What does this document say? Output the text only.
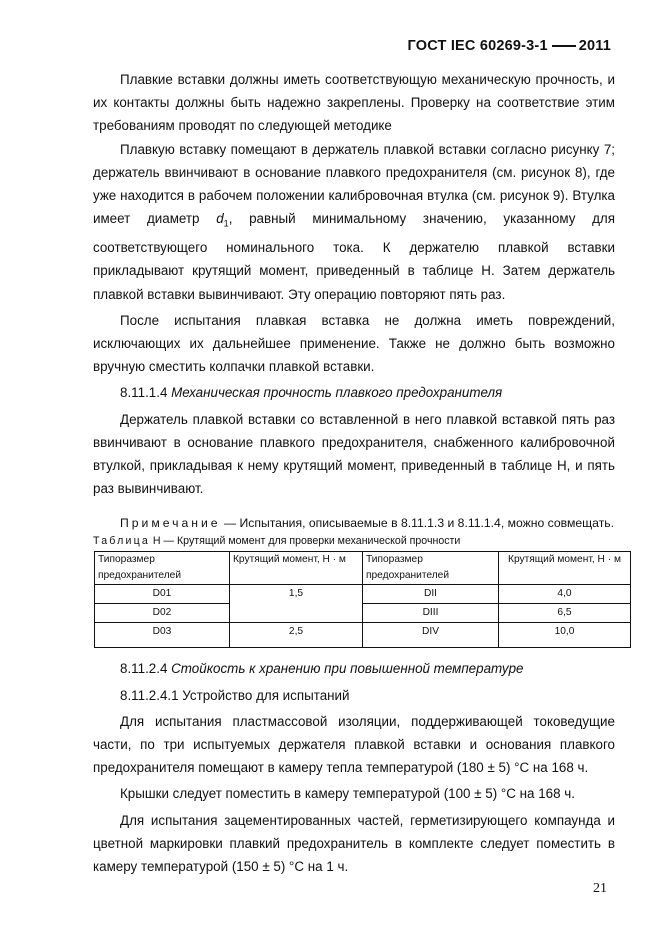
ГОСТ IEC 60269-3-1 2011

Плавкие вставки должны иметь соответствующую механическую прочность, и их контакты должны быть надежно закреплены. Проверку на соответствие этим требованиям проводят по следующей методике

Плавкую вставку помещают в держатель плавкой вставки согласно рисунку 7; держатель ввинчивают в основание плавкого предохранителя (см. рисунок 8), где уже находится в рабочем положении калибровочная втулка (см. рисунок 9). Втулка имеет диаметр $d_1$, равный минимальному значению, указанному для соответствующего номинального тока. К держателю плавкой вставки прикладывают крутящий момент, приведенный в таблице Н. Затем держатель плавкой вставки вывинчивают. Эту операцию повторяют пять раз.

После испытания плавкая вставка не должна иметь повреждений, исключающих их дальнейшее применение. Также не должно быть возможно вручную сместить колпачки плавкой вставки.

8.11.1.4 Механическая прочность плавкого предохранителя

Держатель плавкой вставки со вставленной в него плавкой вставкой пять раз ввинчивают в основание плавкого предохранителя, снабженного калибровочной втулкой, прикладывая к нему крутящий момент, приведенный в таблице Н, и пять раз вывинчивают.

Примечание — Испытания, описываемые в 8.11.1.3 и 8.11.1.4, можно совмещать.

Таблица Н — Крутящий момент для проверки механической прочности

Типоразмер предохранителей	Крутящий момент, Н · м	Типоразмер предохранителей	Крутящий момент, Н · м
D01	1,5	DII	4,0
D02		DIII	6,5
D03	2,5	DIV	10,0

8.11.2.4 Стойкость к хранению при повышенной температуре

8.11.2.4.1 Устройство для испытаний

Для испытания пластмассовой изоляции, поддерживающей токоведущие части, по три испытуемых держателя плавкой вставки и основания плавкого предохранителя помещают в камеру тепла температурой (180 ± 5) °С на 168 ч.

Крышки следует поместить в камеру температурой (100 ± 5) °С на 168 ч.

Для испытания зацементированных частей, герметизирующего компаунда и цветной маркировки плавкий предохранитель в комплекте следует поместить в камеру температурой (150 ± 5) °С на 1 ч.

21
